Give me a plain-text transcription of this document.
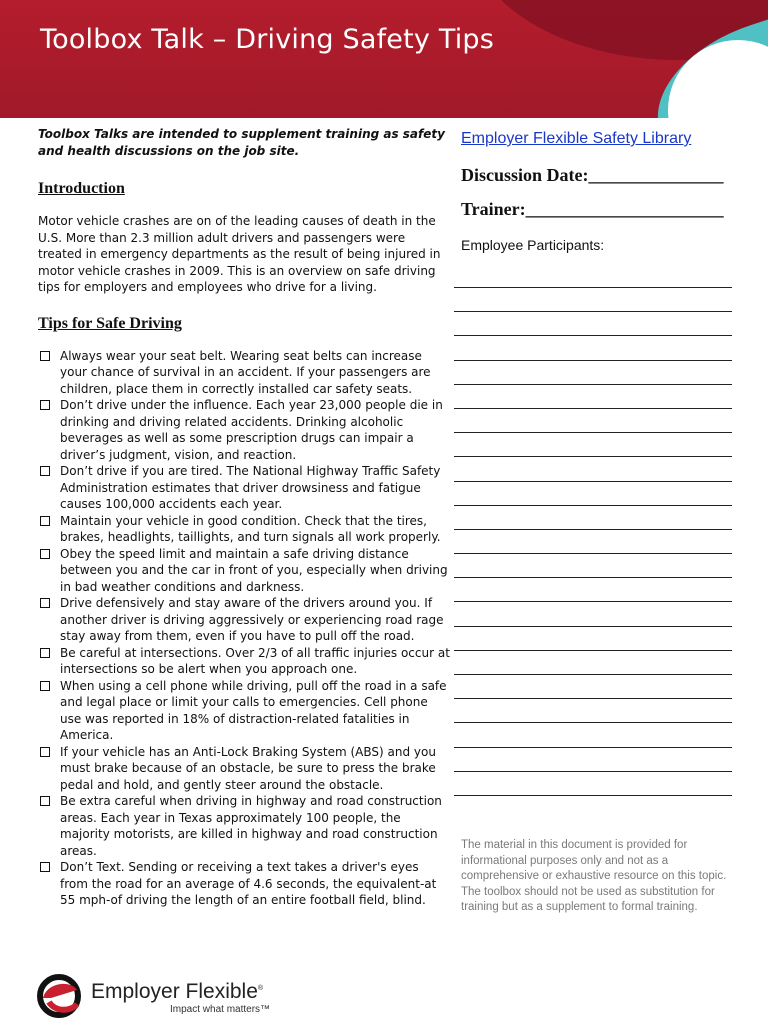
Toolbox Talk – Driving Safety Tips

Toolbox Talks are intended to supplement training as safety and health discussions on the job site.

Introduction

Motor vehicle crashes are on of the leading causes of death in the U.S. More than 2.3 million adult drivers and passengers were treated in emergency departments as the result of being injured in motor vehicle crashes in 2009. This is an overview on safe driving tips for employers and employees who drive for a living.

Tips for Safe Driving
Always wear your seat belt. Wearing seat belts can increase your chance of survival in an accident. If your passengers are children, place them in correctly installed car safety seats.
Don’t drive under the influence. Each year 23,000 people die in drinking and driving related accidents. Drinking alcoholic beverages as well as some prescription drugs can impair a driver’s judgment, vision, and reaction.
Don’t drive if you are tired. The National Highway Traffic Safety Administration estimates that driver drowsiness and fatigue causes 100,000 accidents each year.
Maintain your vehicle in good condition. Check that the tires, brakes, headlights, taillights, and turn signals all work properly.
Obey the speed limit and maintain a safe driving distance between you and the car in front of you, especially when driving in bad weather conditions and darkness.
Drive defensively and stay aware of the drivers around you. If another driver is driving aggressively or experiencing road rage stay away from them, even if you have to pull off the road.
Be careful at intersections. Over 2/3 of all traffic injuries occur at intersections so be alert when you approach one.
When using a cell phone while driving, pull off the road in a safe and legal place or limit your calls to emergencies. Cell phone use was reported in 18% of distraction-related fatalities in America.
If your vehicle has an Anti-Lock Braking System (ABS) and you must brake because of an obstacle, be sure to press the brake pedal and hold, and gently steer around the obstacle.
Be extra careful when driving in highway and road construction areas. Each year in Texas approximately 100 people, the majority motorists, are killed in highway and road construction areas.
Don’t Text. Sending or receiving a text takes a driver's eyes from the road for an average of 4.6 seconds, the equivalent-at 55 mph-of driving the length of an entire football field, blind.
Employer Flexible Safety Library

Discussion Date:_______________

Trainer:______________________

Employee Participants:

The material in this document is provided for informational purposes only and not as a comprehensive or exhaustive resource on this topic. The toolbox should not be used as substitution for training but as a supplement to formal training.

Employer Flexible®
Impact what matters™
